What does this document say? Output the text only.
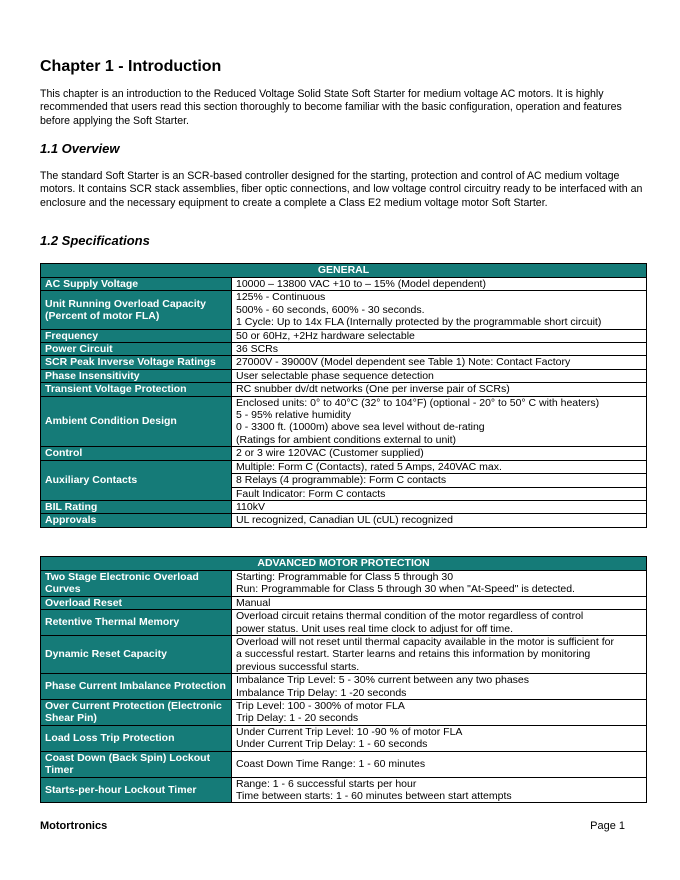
Chapter 1 - Introduction

This chapter is an introduction to the Reduced Voltage Solid State Soft Starter for medium voltage AC motors. It is highly recommended that users read this section thoroughly to become familiar with the basic configuration, operation and features before applying the Soft Starter.

1.1 Overview

The standard Soft Starter is an SCR-based controller designed for the starting, protection and control of AC medium voltage motors. It contains SCR stack assemblies, fiber optic connections, and low voltage control circuitry ready to be interfaced with an enclosure and the necessary equipment to create a complete a Class E2 medium voltage motor Soft Starter.

1.2 Specifications
GENERAL	
AC Supply Voltage	10000 – 13800 VAC +10 to – 15% (Model dependent)

Unit Running Overload Capacity (Percent of motor FLA)	125% - Continuous
500% - 60 seconds, 600% - 30 seconds.
1 Cycle: Up to 14x FLA (Internally protected by the programmable short circuit)

Frequency	50 or 60Hz, +2Hz hardware selectable

Power Circuit	36 SCRs

SCR Peak Inverse Voltage Ratings	27000V - 39000V (Model dependent see Table 1) Note: Contact Factory

Phase Insensitivity	User selectable phase sequence detection

Transient Voltage Protection	RC snubber dv/dt networks (One per inverse pair of SCRs)

Ambient Condition Design	Enclosed units: 0° to 40°C (32° to 104°F) (optional - 20° to 50° C with heaters)
5 - 95% relative humidity
0 - 3300 ft. (1000m) above sea level without de-rating
(Ratings for ambient conditions external to unit)

Control	2 or 3 wire 120VAC (Customer supplied)

Auxiliary Contacts	Multiple: Form C (Contacts), rated 5 Amps, 240VAC max.
8 Relays (4 programmable): Form C contacts
Fault Indicator: Form C contacts

BIL Rating	110kV

Approvals	UL recognized, Canadian UL (cUL) recognized
ADVANCED MOTOR PROTECTION	
Two Stage Electronic Overload Curves	Starting: Programmable for Class 5 through 30
Run: Programmable for Class 5 through 30 when "At-Speed" is detected.

Overload Reset	Manual

Retentive Thermal Memory	Overload circuit retains thermal condition of the motor regardless of control
power status. Unit uses real time clock to adjust for off time.

Dynamic Reset Capacity	Overload will not reset until thermal capacity available in the motor is sufficient for
a successful restart. Starter learns and retains this information by monitoring
previous successful starts.

Phase Current Imbalance Protection	Imbalance Trip Level: 5 - 30% current between any two phases
Imbalance Trip Delay: 1 -20 seconds

Over Current Protection (Electronic Shear Pin)	Trip Level: 100 - 300% of motor FLA
Trip Delay: 1 - 20 seconds

Load Loss Trip Protection	Under Current Trip Level: 10 -90 % of motor FLA
Under Current Trip Delay: 1 - 60 seconds

Coast Down (Back Spin) Lockout Timer	Coast Down Time Range: 1 - 60 minutes

Starts-per-hour Lockout Timer	Range: 1 - 6 successful starts per hour
Time between starts: 1 - 60 minutes between start attempts
Motortronics	Page 1
